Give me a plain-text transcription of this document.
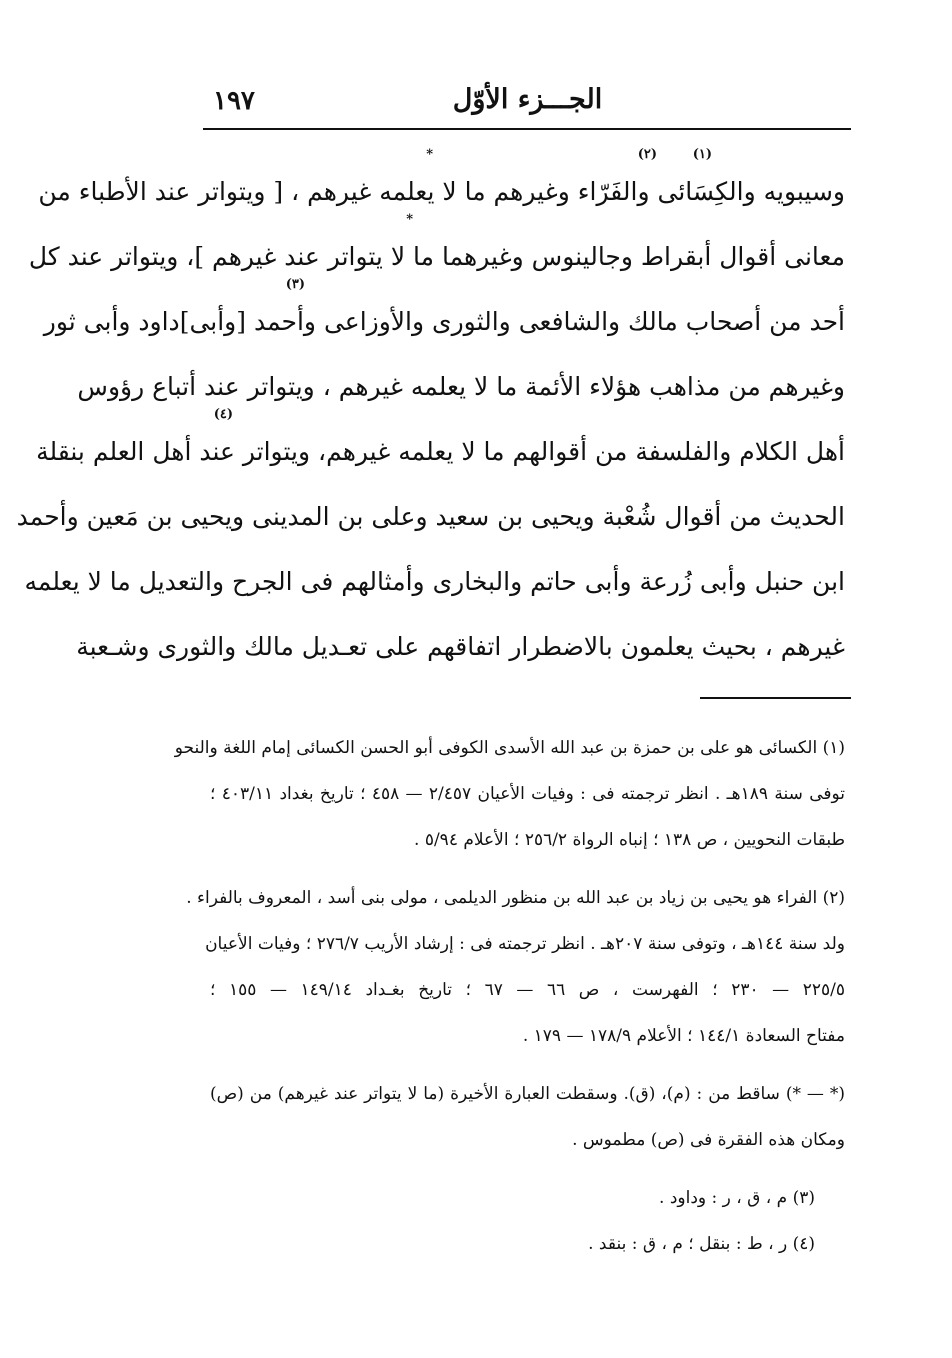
١٩٧	الجـــزء الأوّل
(١)
(٢)
*
وسيبويه والكِسَائى والفَرّاء وغيرهم ما لا يعلمه غيرهم ، [ ويتواتر عند الأطباء من
*
معانى أقوال أبقراط وجالينوس وغيرهما ما لا يتواتر عند غيرهم ]، ويتواتر عند كل
(٣)
أحد من أصحاب مالك والشافعى والثورى والأوزاعى وأحمد [وأبى]داود وأبى ثور
وغيرهم من مذاهب هؤلاء الأئمة ما لا يعلمه غيرهم ، ويتواتر عند أتباع رؤوس
(٤)
أهل الكلام والفلسفة من أقوالهم ما لا يعلمه غيرهم، ويتواتر عند أهل العلم بنقلة
الحديث من أقوال شُعْبة ويحيى بن سعيد وعلى بن المدينى ويحيى بن مَعين وأحمد
ابن حنبل وأبى زُرعة وأبى حاتم والبخارى وأمثالهم فى الجرح والتعديل ما لا يعلمه
غيرهم ، بحيث يعلمون بالاضطرار اتفاقهم على تعـديل مالك والثورى وشـعبة
(١) الكسائى هو على بن حمزة بن عبد الله الأسدى الكوفى أبو الحسن الكسائى إمام اللغة والنحو
توفى سنة ١٨٩هـ . انظر ترجمته فى : وفيات الأعيان ٢/٤٥٧ — ٤٥٨ ؛ تاريخ بغداد ٤٠٣/١١ ؛
طبقات النحويين ، ص ١٣٨ ؛ إنباه الرواة ٢٥٦/٢ ؛ الأعلام ٥/٩٤ .
(٢) الفراء هو يحيى بن زياد بن عبد الله بن منظور الديلمى ، مولى بنى أسد ، المعروف بالفراء .
ولد سنة ١٤٤هـ ، وتوفى سنة ٢٠٧هـ . انظر ترجمته فى : إرشاد الأريب ٢٧٦/٧ ؛ وفيات الأعيان
٢٢٥/٥ — ٢٣٠ ؛ الفهرست ، ص ٦٦ — ٦٧ ؛ تاريخ بغـداد ١٤٩/١٤ — ١٥٥ ؛
مفتاح السعادة ١٤٤/١ ؛ الأعلام ١٧٨/٩ — ١٧٩ .
(* — *) ساقط من : (م)، (ق). وسقطت العبارة الأخيرة (ما لا يتواتر عند غيرهم) من (ص)
ومكان هذه الفقرة فى (ص) مطموس .
(٣) م ، ق ، ر : وداود .
(٤) ر ، ط : بنقل ؛ م ، ق : بنقد .
